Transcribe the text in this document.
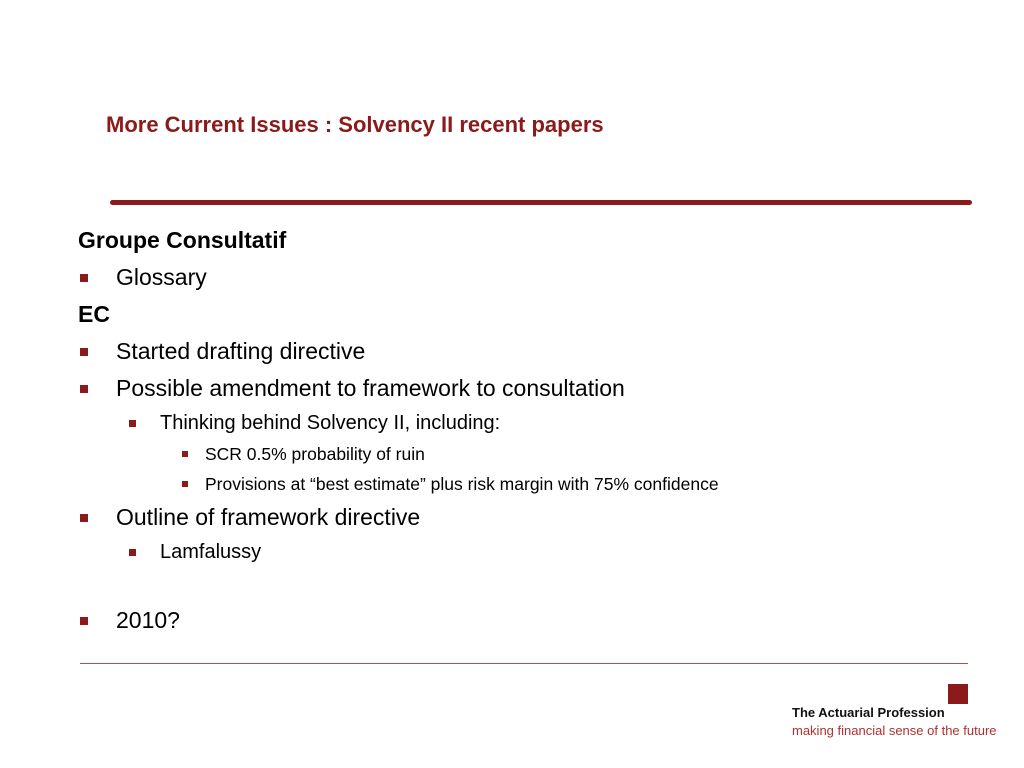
More Current Issues : Solvency II recent papers
Groupe Consultatif
Glossary
EC
Started drafting directive
Possible amendment to framework to consultation
Thinking behind Solvency II, including:
SCR 0.5% probability of ruin
Provisions at “best estimate” plus risk margin with 75% confidence
Outline of framework directive
Lamfalussy
2010?
The Actuarial Profession
making financial sense of the future
